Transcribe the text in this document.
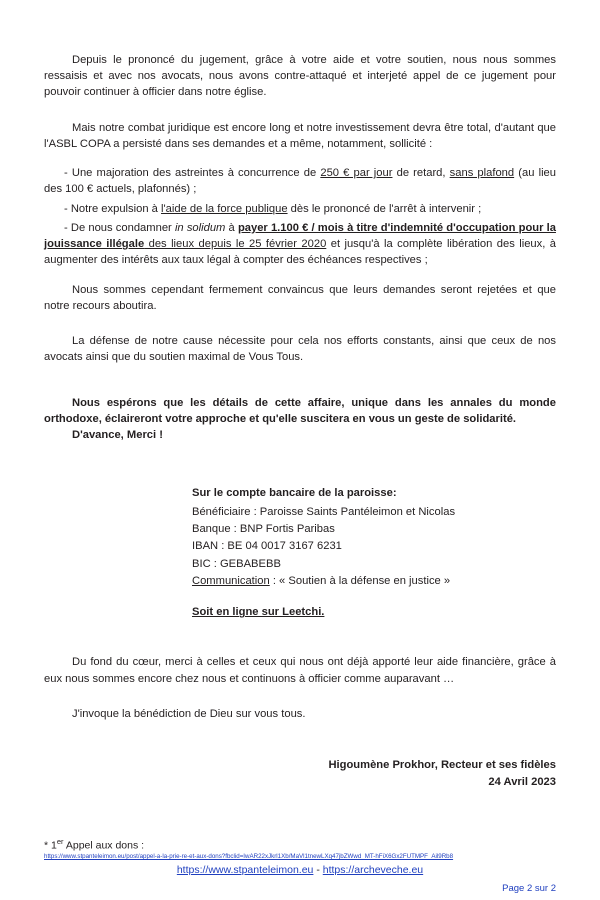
Depuis le prononcé du jugement, grâce à votre aide et votre soutien, nous nous sommes ressaisis et avec nos avocats, nous avons contre-attaqué et interjeté appel de ce jugement pour pouvoir continuer à officier dans notre église.

Mais notre combat juridique est encore long et notre investissement devra être total, d'autant que l'ASBL COPA a persisté dans ses demandes et a même, notamment, sollicité :

- Une majoration des astreintes à concurrence de 250 € par jour de retard, sans plafond (au lieu des 100 € actuels, plafonnés) ;

- Notre expulsion à l'aide de la force publique dès le prononcé de l'arrêt à intervenir ;

- De nous condamner in solidum à payer 1.100 € / mois à titre d'indemnité d'occupation pour la jouissance illégale des lieux depuis le 25 février 2020 et jusqu'à la complète libération des lieux, à augmenter des intérêts aux taux légal à compter des échéances respectives ;

Nous sommes cependant fermement convaincus que leurs demandes seront rejetées et que notre recours aboutira.

La défense de notre cause nécessite pour cela nos efforts constants, ainsi que ceux de nos avocats ainsi que du soutien maximal de Vous Tous.

Nous espérons que les détails de cette affaire, unique dans les annales du monde orthodoxe, éclaireront votre approche et qu'elle suscitera en vous un geste de solidarité.

D'avance, Merci !

Sur le compte bancaire de la paroisse:
Bénéficiaire : Paroisse Saints Pantéleimon et Nicolas
Banque : BNP Fortis Paribas
IBAN : BE 04 0017 3167 6231
BIC : GEBABEBB
Communication : « Soutien à la défense en justice »
Soit en ligne sur Leetchi.

Du fond du cœur, merci à celles et ceux qui nous ont déjà apporté leur aide financière, grâce à eux nous sommes encore chez nous et continuons à officier comme auparavant …

J'invoque la bénédiction de Dieu sur vous tous.

Higoumène Prokhor, Recteur et ses fidèles

24 Avril 2023

* 1er Appel aux dons :
https://www.stpanteleimon.eu/post/appel-a-la-prie-re-et-aux-dons?fbclid=IwAR22xJkrl1Xb/MaVl1tnewLXq47jbZWwd_MT-hFiX6Gx2FUTMPF_Ail9Rb8
https://www.stpanteleimon.eu - https://archeveche.eu
Page 2 sur 2
